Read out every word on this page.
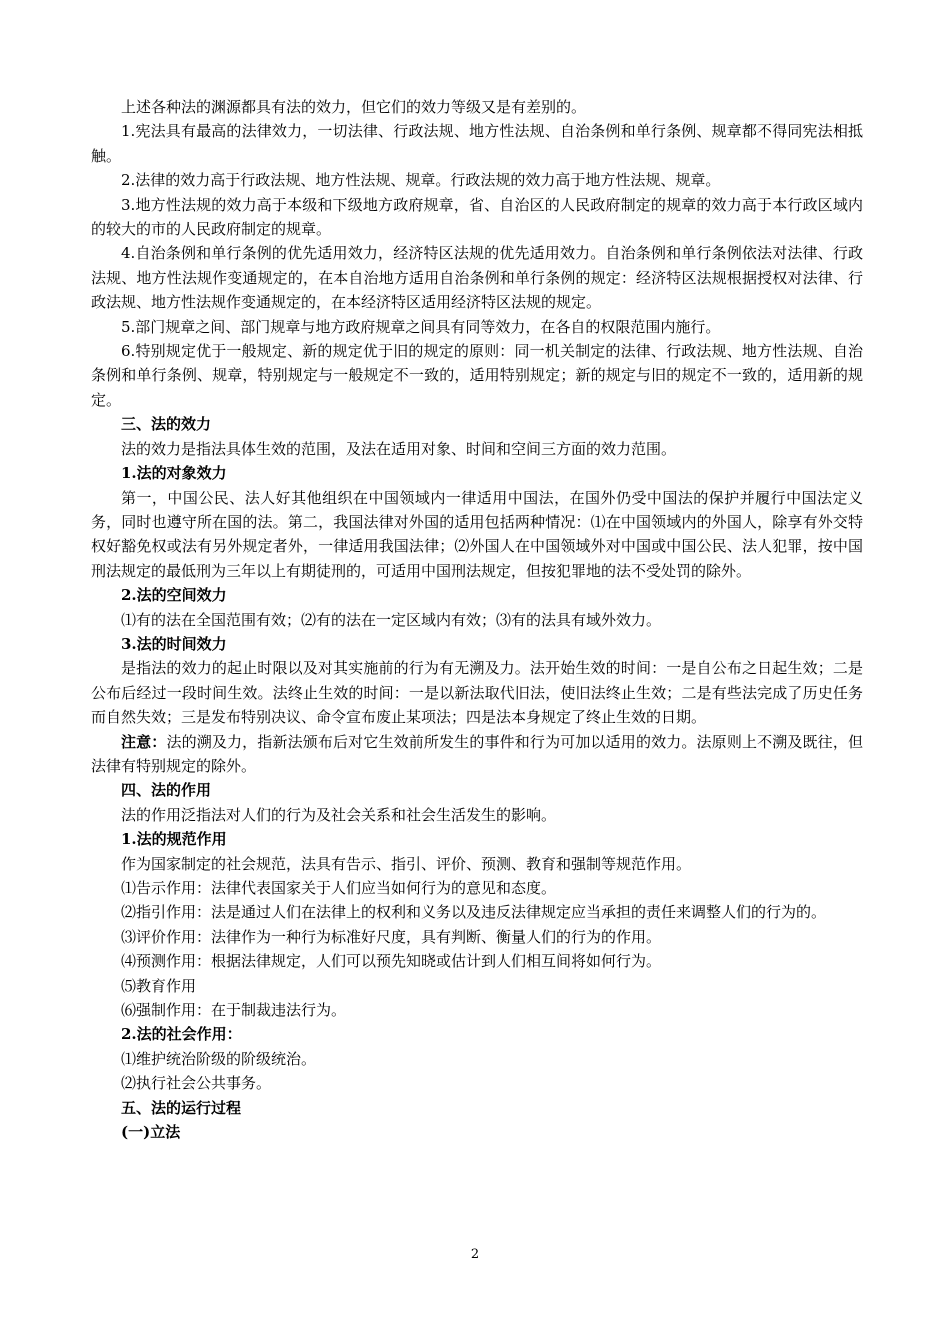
上述各种法的渊源都具有法的效力，但它们的效力等级又是有差别的。

1.宪法具有最高的法律效力，一切法律、行政法规、地方性法规、自治条例和单行条例、规章都不得同宪法相抵触。

2.法律的效力高于行政法规、地方性法规、规章。行政法规的效力高于地方性法规、规章。

3.地方性法规的效力高于本级和下级地方政府规章，省、自治区的人民政府制定的规章的效力高于本行政区域内的较大的市的人民政府制定的规章。

4.自治条例和单行条例的优先适用效力，经济特区法规的优先适用效力。自治条例和单行条例依法对法律、行政法规、地方性法规作变通规定的，在本自治地方适用自治条例和单行条例的规定：经济特区法规根据授权对法律、行政法规、地方性法规作变通规定的，在本经济特区适用经济特区法规的规定。

5.部门规章之间、部门规章与地方政府规章之间具有同等效力，在各自的权限范围内施行。

6.特别规定优于一般规定、新的规定优于旧的规定的原则：同一机关制定的法律、行政法规、地方性法规、自治条例和单行条例、规章，特别规定与一般规定不一致的，适用特别规定；新的规定与旧的规定不一致的，适用新的规定。

三、法的效力

法的效力是指法具体生效的范围，及法在适用对象、时间和空间三方面的效力范围。

1.法的对象效力

第一，中国公民、法人好其他组织在中国领域内一律适用中国法，在国外仍受中国法的保护并履行中国法定义务，同时也遵守所在国的法。第二，我国法律对外国的适用包括两种情况：⑴在中国领域内的外国人，除享有外交特权好豁免权或法有另外规定者外，一律适用我国法律；⑵外国人在中国领域外对中国或中国公民、法人犯罪，按中国刑法规定的最低刑为三年以上有期徒刑的，可适用中国刑法规定，但按犯罪地的法不受处罚的除外。

2.法的空间效力

⑴有的法在全国范围有效；⑵有的法在一定区域内有效；⑶有的法具有域外效力。

3.法的时间效力

是指法的效力的起止时限以及对其实施前的行为有无溯及力。法开始生效的时间：一是自公布之日起生效；二是公布后经过一段时间生效。法终止生效的时间：一是以新法取代旧法，使旧法终止生效；二是有些法完成了历史任务而自然失效；三是发布特别决议、命令宣布废止某项法；四是法本身规定了终止生效的日期。

注意：法的溯及力，指新法颁布后对它生效前所发生的事件和行为可加以适用的效力。法原则上不溯及既往，但法律有特别规定的除外。

四、法的作用

法的作用泛指法对人们的行为及社会关系和社会生活发生的影响。

1.法的规范作用

作为国家制定的社会规范，法具有告示、指引、评价、预测、教育和强制等规范作用。

⑴告示作用：法律代表国家关于人们应当如何行为的意见和态度。

⑵指引作用：法是通过人们在法律上的权利和义务以及违反法律规定应当承担的责任来调整人们的行为的。

⑶评价作用：法律作为一种行为标准好尺度，具有判断、衡量人们的行为的作用。

⑷预测作用：根据法律规定，人们可以预先知晓或估计到人们相互间将如何行为。

⑸教育作用

⑹强制作用：在于制裁违法行为。

2.法的社会作用：

⑴维护统治阶级的阶级统治。

⑵执行社会公共事务。

五、法的运行过程

(一)立法

2
